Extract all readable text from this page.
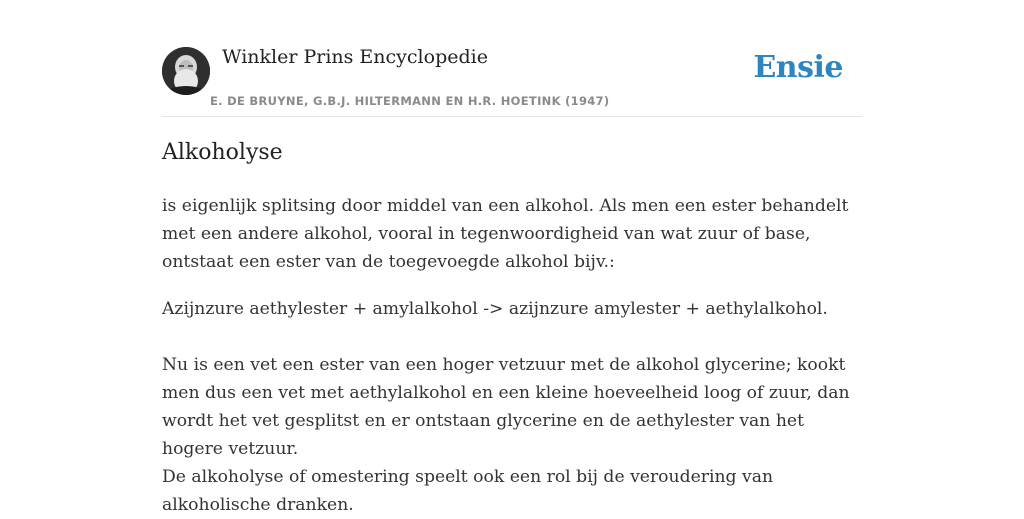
Winkler Prins Encyclopedie
E. DE BRUYNE, G.B.J. HILTERMANN EN H.R. HOETINK (1947)
Ensie
Alkoholyse

is eigenlijk splitsing door middel van een alkohol. Als men een ester behandelt met een andere alkohol, vooral in tegenwoordigheid van wat zuur of base, ontstaat een ester van de toegevoegde alkohol bijv.:

Azijnzure aethylester + amylalkohol -> azijnzure amylester + aethylalkohol.

Nu is een vet een ester van een hoger vetzuur met de alkohol glycerine; kookt men dus een vet met aethylalkohol en een kleine hoeveelheid loog of zuur, dan wordt het vet gesplitst en er ontstaan glycerine en de aethylester van het hogere vetzuur.

De alkoholyse of omestering speelt ook een rol bij de veroudering van alkoholische dranken.
